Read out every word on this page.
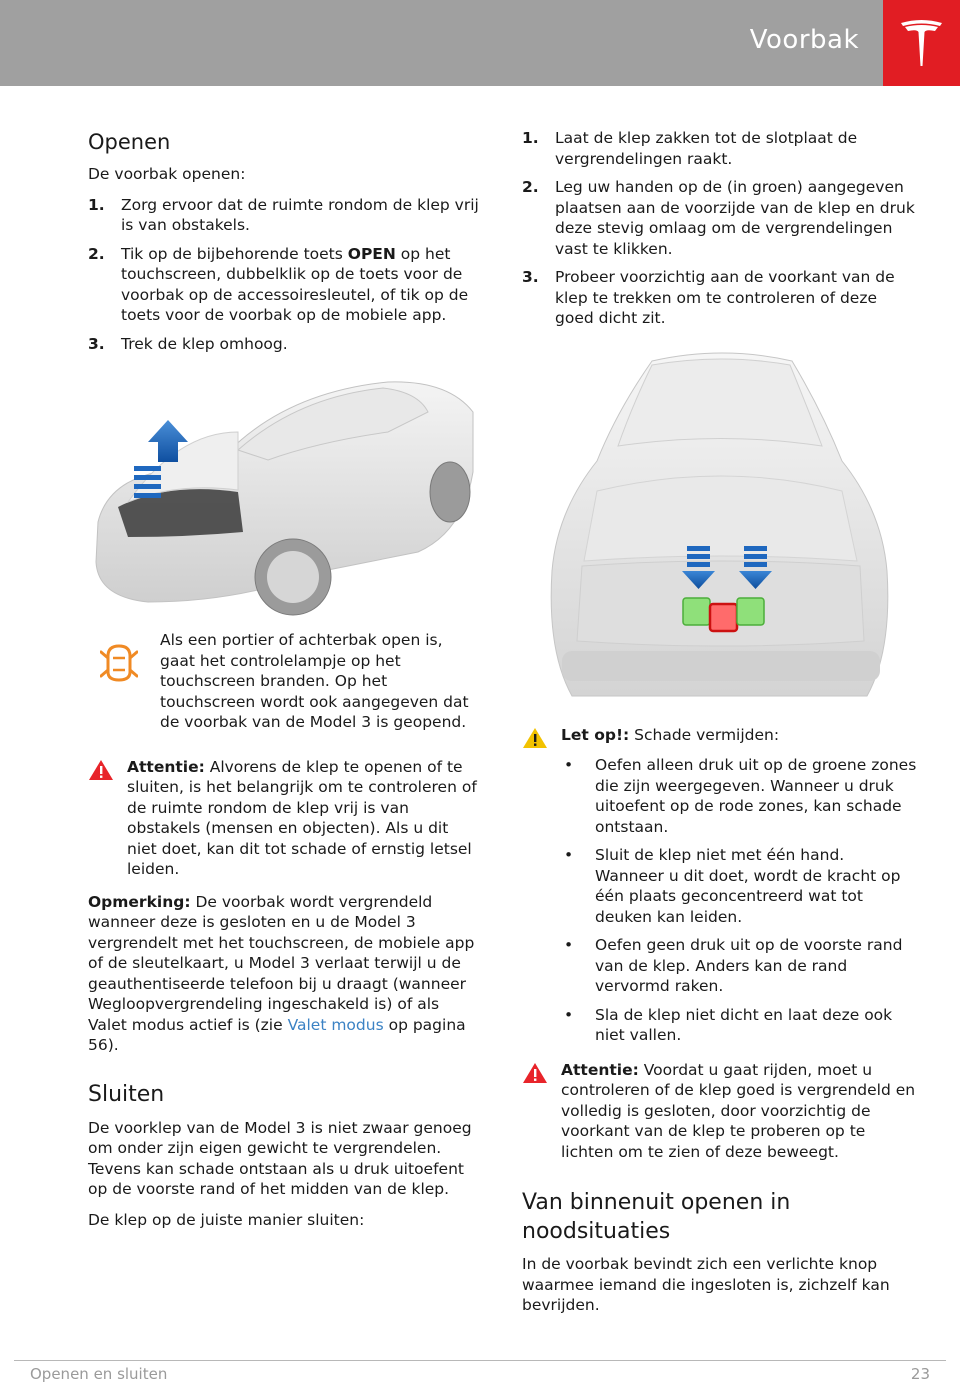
Voorbak
Openen

De voorbak openen:

1. Zorg ervoor dat de ruimte rondom de klep vrij is van obstakels.
2. Tik op de bijbehorende toets OPEN op het touchscreen, dubbelklik op de toets voor de voorbak op de accessoiresleutel, of tik op de toets voor de voorbak op de mobiele app.
3. Trek de klep omhoog.

Als een portier of achterbak open is, gaat het controlelampje op het touchscreen branden. Op het touchscreen wordt ook aangegeven dat de voorbak van de Model 3 is geopend.

Attentie: Alvorens de klep te openen of te sluiten, is het belangrijk om te controleren of de ruimte rondom de klep vrij is van obstakels (mensen en objecten). Als u dit niet doet, kan dit tot schade of ernstig letsel leiden.

Opmerking: De voorbak wordt vergrendeld wanneer deze is gesloten en u de Model 3 vergrendelt met het touchscreen, de mobiele app of de sleutelkaart, u Model 3 verlaat terwijl u de geauthentiseerde telefoon bij u draagt (wanneer Wegloopvergrendeling ingeschakeld is) of als Valet modus actief is (zie Valet modus op pagina 56).

Sluiten

De voorklep van de Model 3 is niet zwaar genoeg om onder zijn eigen gewicht te vergrendelen. Tevens kan schade ontstaan als u druk uitoefent op de voorste rand of het midden van de klep.

De klep op de juiste manier sluiten:

1. Laat de klep zakken tot de slotplaat de vergrendelingen raakt.
2. Leg uw handen op de (in groen) aangegeven plaatsen aan de voorzijde van de klep en druk deze stevig omlaag om de vergrendelingen vast te klikken.
3. Probeer voorzichtig aan de voorkant van de klep te trekken om te controleren of deze goed dicht zit.

Let op!: Schade vermijden:

• Oefen alleen druk uit op de groene zones die zijn weergegeven. Wanneer u druk uitoefent op de rode zones, kan schade ontstaan.
• Sluit de klep niet met één hand. Wanneer u dit doet, wordt de kracht op één plaats geconcentreerd wat tot deuken kan leiden.
• Oefen geen druk uit op de voorste rand van de klep. Anders kan de rand vervormd raken.
• Sla de klep niet dicht en laat deze ook niet vallen.

Attentie: Voordat u gaat rijden, moet u controleren of de klep goed is vergrendeld en volledig is gesloten, door voorzichtig de voorkant van de klep te proberen op te lichten om te zien of deze beweegt.

Van binnenuit openen in noodsituaties

In de voorbak bevindt zich een verlichte knop waarmee iemand die ingesloten is, zichzelf kan bevrijden.

Openen en sluiten	23
